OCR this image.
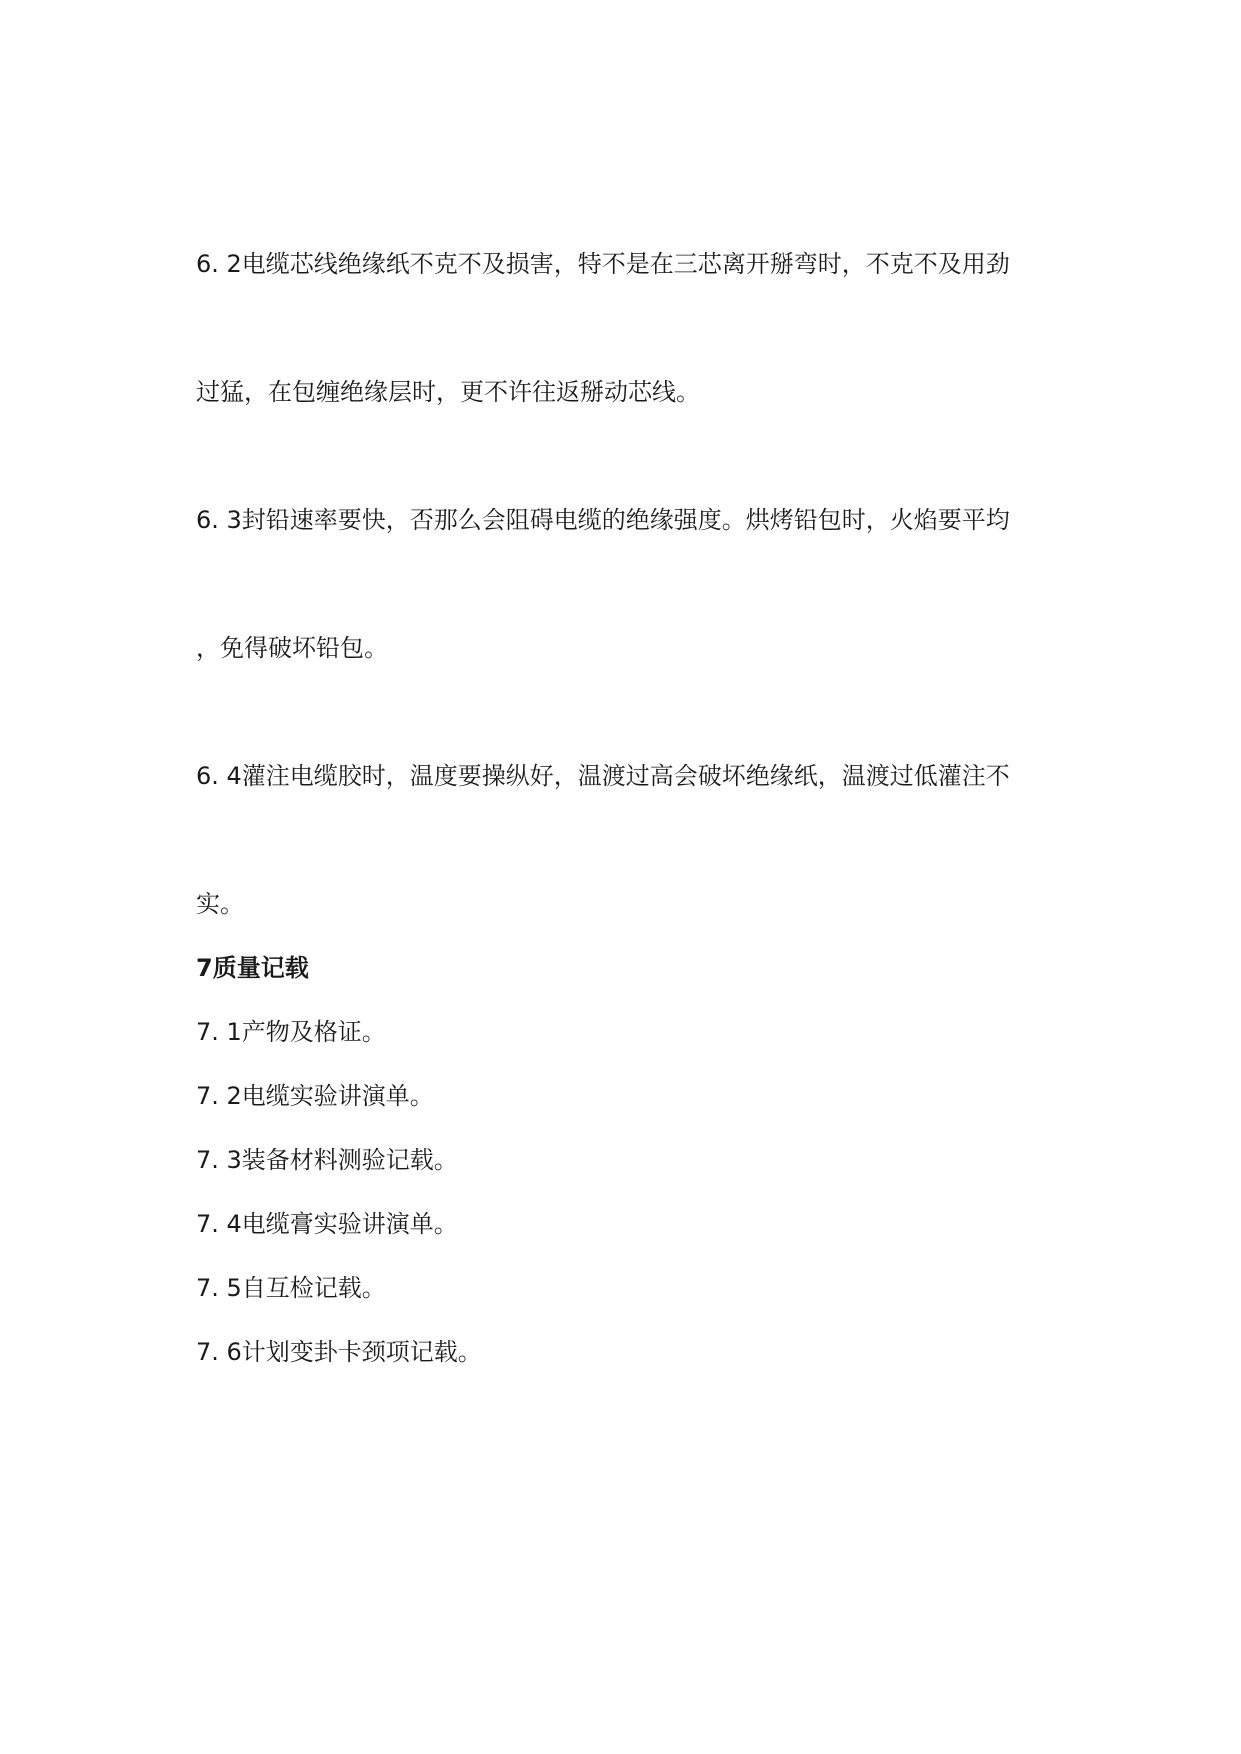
6. 2电缆芯线绝缘纸不克不及损害，特不是在三芯离开掰弯时，不克不及用劲

过猛，在包缠绝缘层时，更不许往返掰动芯线。

6. 3封铅速率要快，否那么会阻碍电缆的绝缘强度。烘烤铅包时，火焰要平均

，免得破坏铅包。

6. 4灌注电缆胶时，温度要操纵好，温渡过高会破坏绝缘纸，温渡过低灌注不

实。

7质量记载

7. 1产物及格证。

7. 2电缆实验讲演单。

7. 3装备材料测验记载。

7. 4电缆膏实验讲演单。

7. 5自互检记载。

7. 6计划变卦卡颈项记载。
